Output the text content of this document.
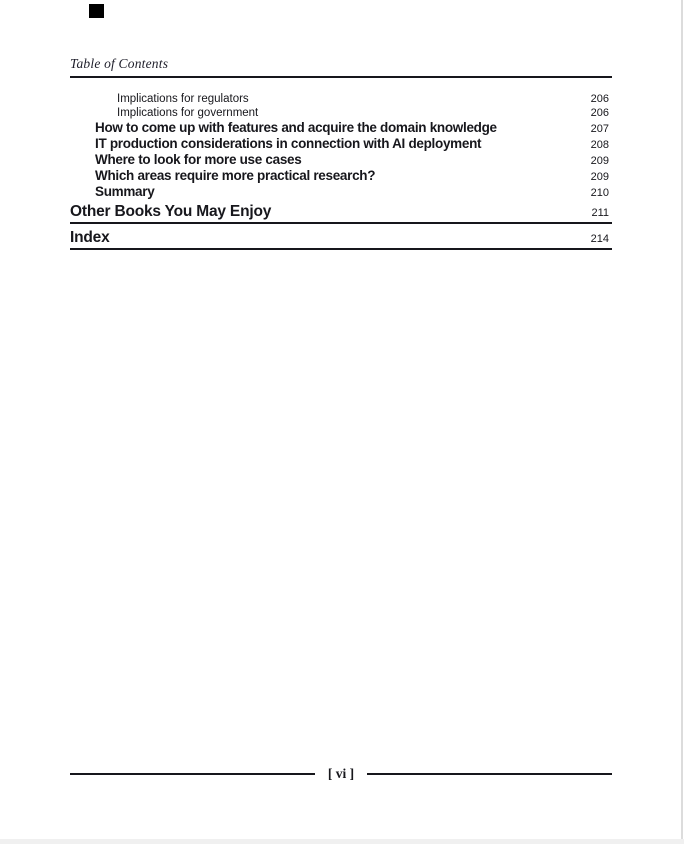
Table of Contents
Implications for regulators	206
Implications for government	206
How to come up with features and acquire the domain knowledge	207
IT production considerations in connection with AI deployment	208
Where to look for more use cases	209
Which areas require more practical research?	209
Summary	210
Other Books You May Enjoy	211
Index	214
[ vi ]
